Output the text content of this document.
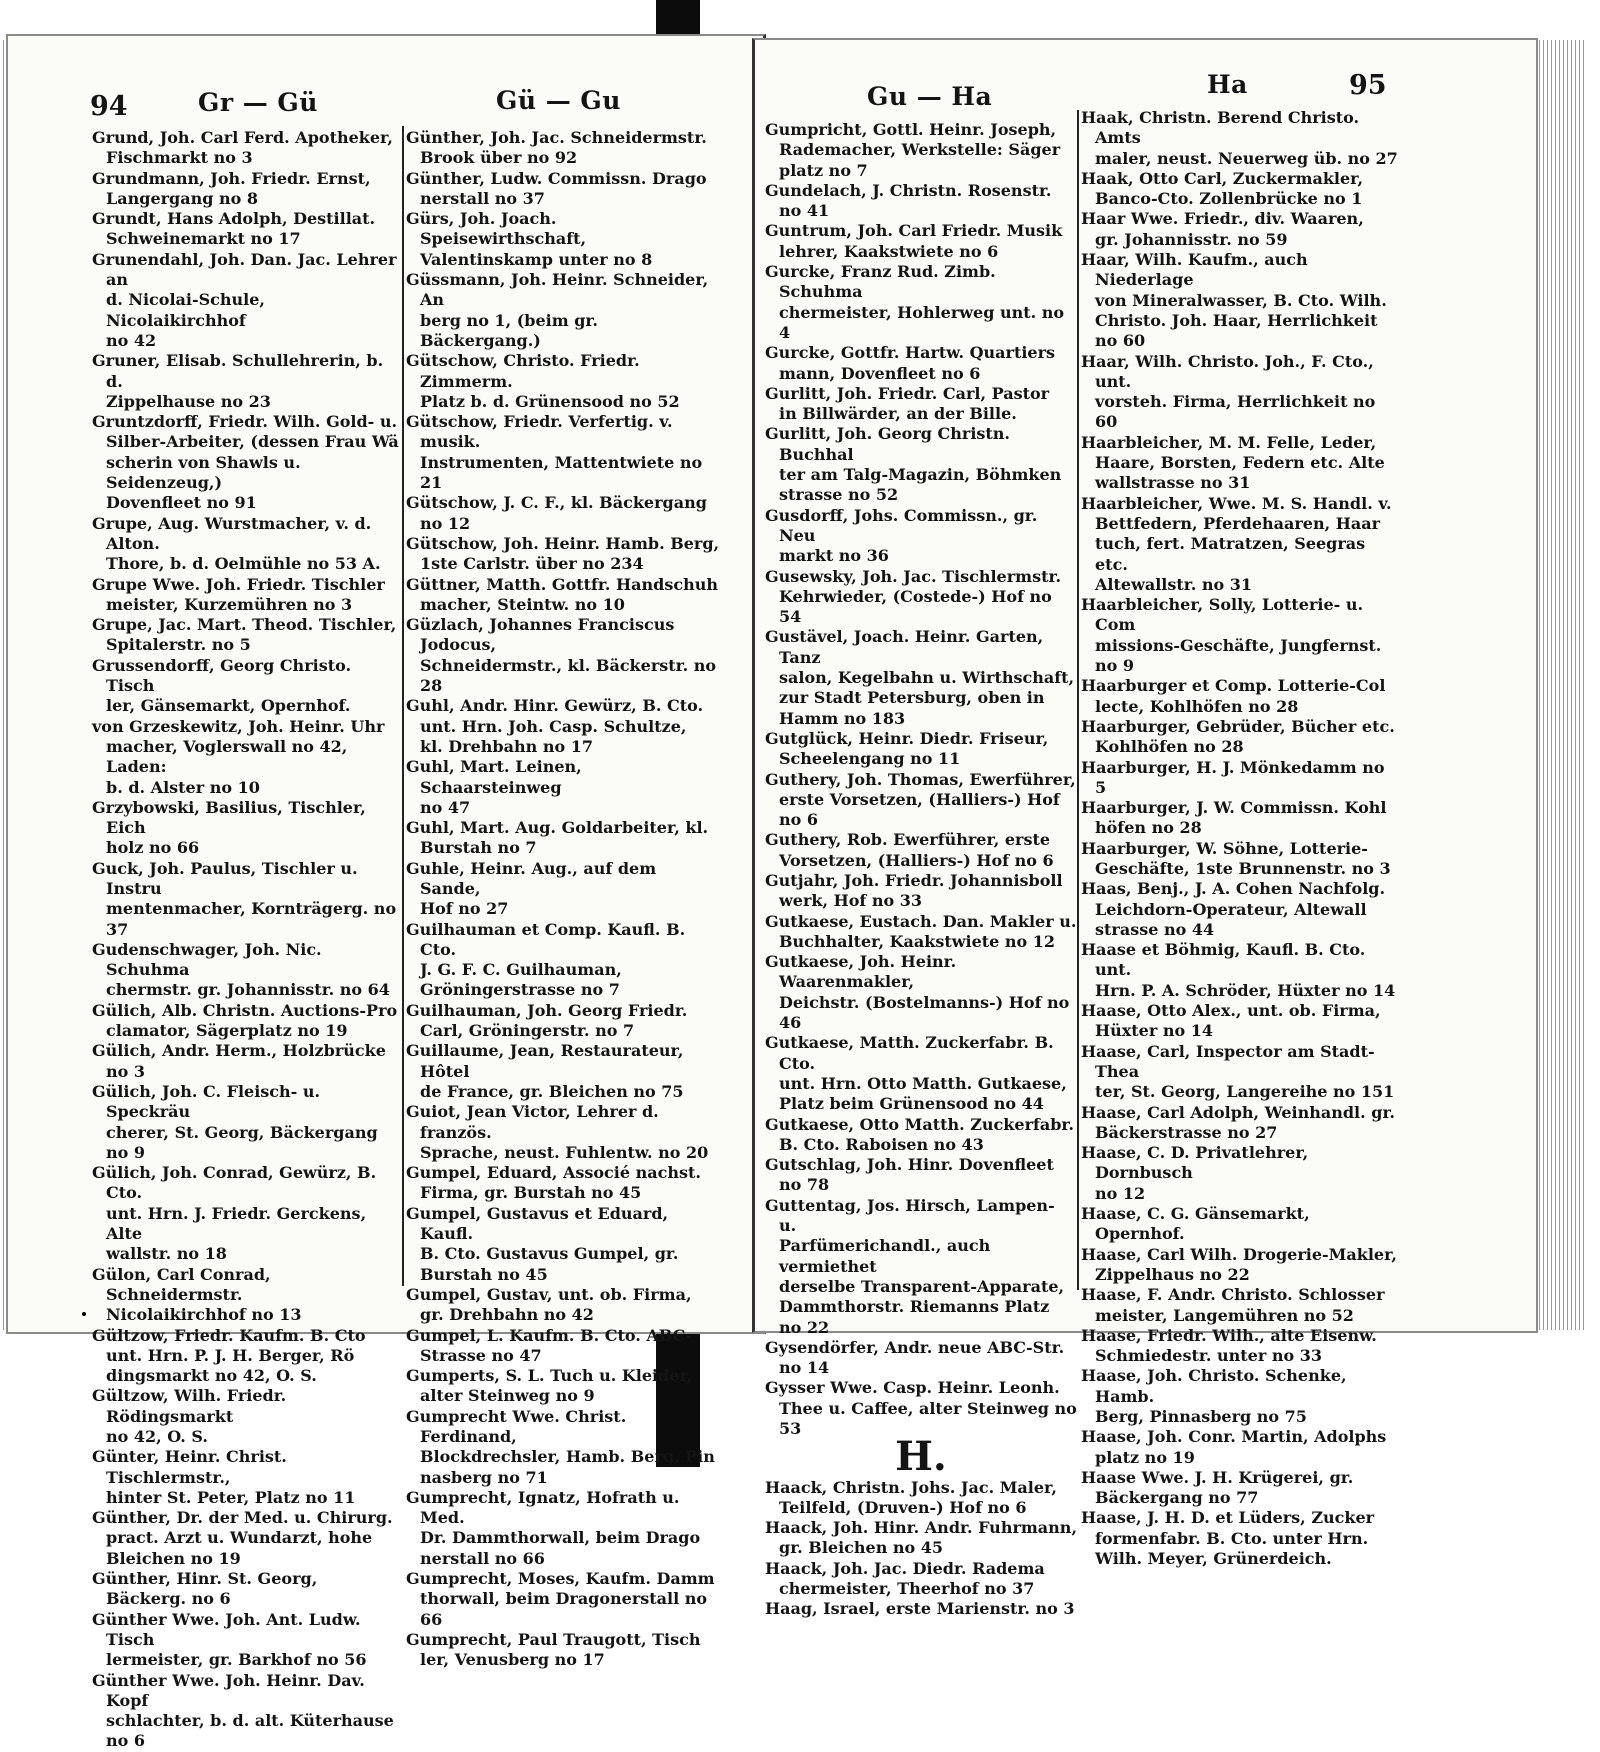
94	Gr — Gü	Gü — Gu

Grund, Joh. Carl Ferd. Apotheker,
Fischmarkt no 3

Grundmann, Joh. Friedr. Ernst, Langergang no 8

Grundt, Hans Adolph, Destillat.
Schweinemarkt no 17

Grunendahl, Joh. Dan. Jac. Lehrer an
d. Nicolai-Schule, Nicolaikirchhof
no 42

Gruner, Elisab. Schullehrerin, b. d.
Zippelhause no 23

Gruntzdorff, Friedr. Wilh. Gold- u.
Silber-Arbeiter, (dessen Frau Wä
scherin von Shawls u. Seidenzeug,)
Dovenfleet no 91

Grupe, Aug. Wurstmacher, v. d. Alton.
Thore, b. d. Oelmühle no 53 A.

Grupe Wwe. Joh. Friedr. Tischler
meister, Kurzemühren no 3

Grupe, Jac. Mart. Theod. Tischler,
Spitalerstr. no 5

Grussendorff, Georg Christo. Tisch
ler, Gänsemarkt, Opernhof.

von Grzeskewitz, Joh. Heinr. Uhr
macher, Voglerswall no 42, Laden:
b. d. Alster no 10

Grzybowski, Basilius, Tischler, Eich
holz no 66

Guck, Joh. Paulus, Tischler u. Instru
mentenmacher, Kornträgerg. no 37

Gudenschwager, Joh. Nic. Schuhma
chermstr. gr. Johannisstr. no 64

Gülich, Alb. Christn. Auctions-Pro
clamator, Sägerplatz no 19

Gülich, Andr. Herm., Holzbrücke no 3

Gülich, Joh. C. Fleisch- u. Speckräu
cherer, St. Georg, Bäckergang no 9

Gülich, Joh. Conrad, Gewürz, B. Cto.
unt. Hrn. J. Friedr. Gerckens, Alte
wallstr. no 18

Gülon, Carl Conrad, Schneidermstr.
Nicolaikirchhof no 13

Gültzow, Friedr. Kaufm. B. Cto
unt. Hrn. P. J. H. Berger, Rö
dingsmarkt no 42, O. S.

Gültzow, Wilh. Friedr. Rödingsmarkt
no 42, O. S.

Günter, Heinr. Christ. Tischlermstr.,
hinter St. Peter, Platz no 11

Günther, Dr. der Med. u. Chirurg.
pract. Arzt u. Wundarzt, hohe
Bleichen no 19

Günther, Hinr. St. Georg, Bäckerg. no 6

Günther Wwe. Joh. Ant. Ludw. Tisch
lermeister, gr. Barkhof no 56

Günther Wwe. Joh. Heinr. Dav. Kopf
schlachter, b. d. alt. Küterhause no 6

Günther, Joh. Jac. Schneidermstr.
Brook über no 92

Günther, Ludw. Commissn. Drago
nerstall no 37

Gürs, Joh. Joach. Speisewirthschaft,
Valentinskamp unter no 8

Güssmann, Joh. Heinr. Schneider, An
berg no 1, (beim gr. Bäckergang.)

Gütschow, Christo. Friedr. Zimmerm.
Platz b. d. Grünensood no 52

Gütschow, Friedr. Verfertig. v. musik.
Instrumenten, Mattentwiete no 21

Gütschow, J. C. F., kl. Bäckergang no 12

Gütschow, Joh. Heinr. Hamb. Berg,
1ste Carlstr. über no 234

Güttner, Matth. Gottfr. Handschuh
macher, Steintw. no 10

Güzlach, Johannes Franciscus Jodocus,
Schneidermstr., kl. Bäckerstr. no 28

Guhl, Andr. Hinr. Gewürz, B. Cto.
unt. Hrn. Joh. Casp. Schultze,
kl. Drehbahn no 17

Guhl, Mart. Leinen, Schaarsteinweg
no 47

Guhl, Mart. Aug. Goldarbeiter, kl.
Burstah no 7

Guhle, Heinr. Aug., auf dem Sande,
Hof no 27

Guilhauman et Comp. Kaufl. B. Cto.
J. G. F. C. Guilhauman, Gröningerstrasse no 7

Guilhauman, Joh. Georg Friedr.
Carl, Gröningerstr. no 7

Guillaume, Jean, Restaurateur, Hôtel
de France, gr. Bleichen no 75

Guiot, Jean Victor, Lehrer d. französ.
Sprache, neust. Fuhlentw. no 20

Gumpel, Eduard, Associé nachst.
Firma, gr. Burstah no 45

Gumpel, Gustavus et Eduard, Kaufl.
B. Cto. Gustavus Gumpel, gr.
Burstah no 45

Gumpel, Gustav, unt. ob. Firma,
gr. Drehbahn no 42

Gumpel, L. Kaufm. B. Cto. ABC-
Strasse no 47

Gumperts, S. L. Tuch u. Kleider,
alter Steinweg no 9

Gumprecht Wwe. Christ. Ferdinand,
Blockdrechsler, Hamb. Berg, Pin
nasberg no 71

Gumprecht, Ignatz, Hofrath u. Med.
Dr. Dammthorwall, beim Drago
nerstall no 66

Gumprecht, Moses, Kaufm. Damm
thorwall, beim Dragonerstall no 66

Gumprecht, Paul Traugott, Tisch
ler, Venusberg no 17

Gu — Ha	Ha	95

Gumpricht, Gottl. Heinr. Joseph,
Rademacher, Werkstelle: Säger
platz no 7

Gundelach, J. Christn. Rosenstr. no 41

Guntrum, Joh. Carl Friedr. Musik
lehrer, Kaakstwiete no 6

Gurcke, Franz Rud. Zimb. Schuhma
chermeister, Hohlerweg unt. no 4

Gurcke, Gottfr. Hartw. Quartiers
mann, Dovenfleet no 6

Gurlitt, Joh. Friedr. Carl, Pastor
in Billwärder, an der Bille.

Gurlitt, Joh. Georg Christn. Buchhal
ter am Talg-Magazin, Böhmken
strasse no 52

Gusdorff, Johs. Commissn., gr. Neu
markt no 36

Gusewsky, Joh. Jac. Tischlermstr.
Kehrwieder, (Costede-) Hof no 54

Gustävel, Joach. Heinr. Garten, Tanz
salon, Kegelbahn u. Wirthschaft,
zur Stadt Petersburg, oben in
Hamm no 183

Gutglück, Heinr. Diedr. Friseur,
Scheelengang no 11

Guthery, Joh. Thomas, Ewerführer,
erste Vorsetzen, (Halliers-) Hof no 6

Guthery, Rob. Ewerführer, erste
Vorsetzen, (Halliers-) Hof no 6

Gutjahr, Joh. Friedr. Johannisboll
werk, Hof no 33

Gutkaese, Eustach. Dan. Makler u.
Buchhalter, Kaakstwiete no 12

Gutkaese, Joh. Heinr. Waarenmakler,
Deichstr. (Bostelmanns-) Hof no 46

Gutkaese, Matth. Zuckerfabr. B. Cto.
unt. Hrn. Otto Matth. Gutkaese,
Platz beim Grünensood no 44

Gutkaese, Otto Matth. Zuckerfabr.
B. Cto. Raboisen no 43

Gutschlag, Joh. Hinr. Dovenfleet no 78

Guttentag, Jos. Hirsch, Lampen- u.
Parfümerichandl., auch vermiethet
derselbe Transparent-Apparate,
Dammthorstr. Riemanns Platz no 22

Gysendörfer, Andr. neue ABC-Str. no 14

Gysser Wwe. Casp. Heinr. Leonh.
Thee u. Caffee, alter Steinweg no 53

H.

Haack, Christn. Johs. Jac. Maler,
Teilfeld, (Druven-) Hof no 6

Haack, Joh. Hinr. Andr. Fuhrmann,
gr. Bleichen no 45

Haack, Joh. Jac. Diedr. Radema
chermeister, Theerhof no 37

Haag, Israel, erste Marienstr. no 3

Haak, Christn. Berend Christo. Amts
maler, neust. Neuerweg üb. no 27

Haak, Otto Carl, Zuckermakler,
Banco-Cto. Zollenbrücke no 1

Haar Wwe. Friedr., div. Waaren,
gr. Johannisstr. no 59

Haar, Wilh. Kaufm., auch Niederlage
von Mineralwasser, B. Cto. Wilh.
Christo. Joh. Haar, Herrlichkeit no 60

Haar, Wilh. Christo. Joh., F. Cto., unt.
vorsteh. Firma, Herrlichkeit no 60

Haarbleicher, M. M. Felle, Leder,
Haare, Borsten, Federn etc. Alte
wallstrasse no 31

Haarbleicher, Wwe. M. S. Handl. v.
Bettfedern, Pferdehaaren, Haar
tuch, fert. Matratzen, Seegras etc.
Altewallstr. no 31

Haarbleicher, Solly, Lotterie- u. Com
missions-Geschäfte, Jungfernst. no 9

Haarburger et Comp. Lotterie-Col
lecte, Kohlhöfen no 28

Haarburger, Gebrüder, Bücher etc.
Kohlhöfen no 28

Haarburger, H. J. Mönkedamm no 5

Haarburger, J. W. Commissn. Kohl
höfen no 28

Haarburger, W. Söhne, Lotterie-
Geschäfte, 1ste Brunnenstr. no 3

Haas, Benj., J. A. Cohen Nachfolg.
Leichdorn-Operateur, Altewall
strasse no 44

Haase et Böhmig, Kaufl. B. Cto. unt.
Hrn. P. A. Schröder, Hüxter no 14

Haase, Otto Alex., unt. ob. Firma,
Hüxter no 14

Haase, Carl, Inspector am Stadt-Thea
ter, St. Georg, Langereihe no 151

Haase, Carl Adolph, Weinhandl. gr.
Bäckerstrasse no 27

Haase, C. D. Privatlehrer, Dornbusch
no 12

Haase, C. G. Gänsemarkt, Opernhof.

Haase, Carl Wilh. Drogerie-Makler,
Zippelhaus no 22

Haase, F. Andr. Christo. Schlosser
meister, Langemühren no 52

Haase, Friedr. Wilh., alte Eisenw.
Schmiedestr. unter no 33

Haase, Joh. Christo. Schenke, Hamb.
Berg, Pinnasberg no 75

Haase, Joh. Conr. Martin, Adolphs
platz no 19

Haase Wwe. J. H. Krügerei, gr.
Bäckergang no 77

Haase, J. H. D. et Lüders, Zucker
formenfabr. B. Cto. unter Hrn.
Wilh. Meyer, Grünerdeich.
